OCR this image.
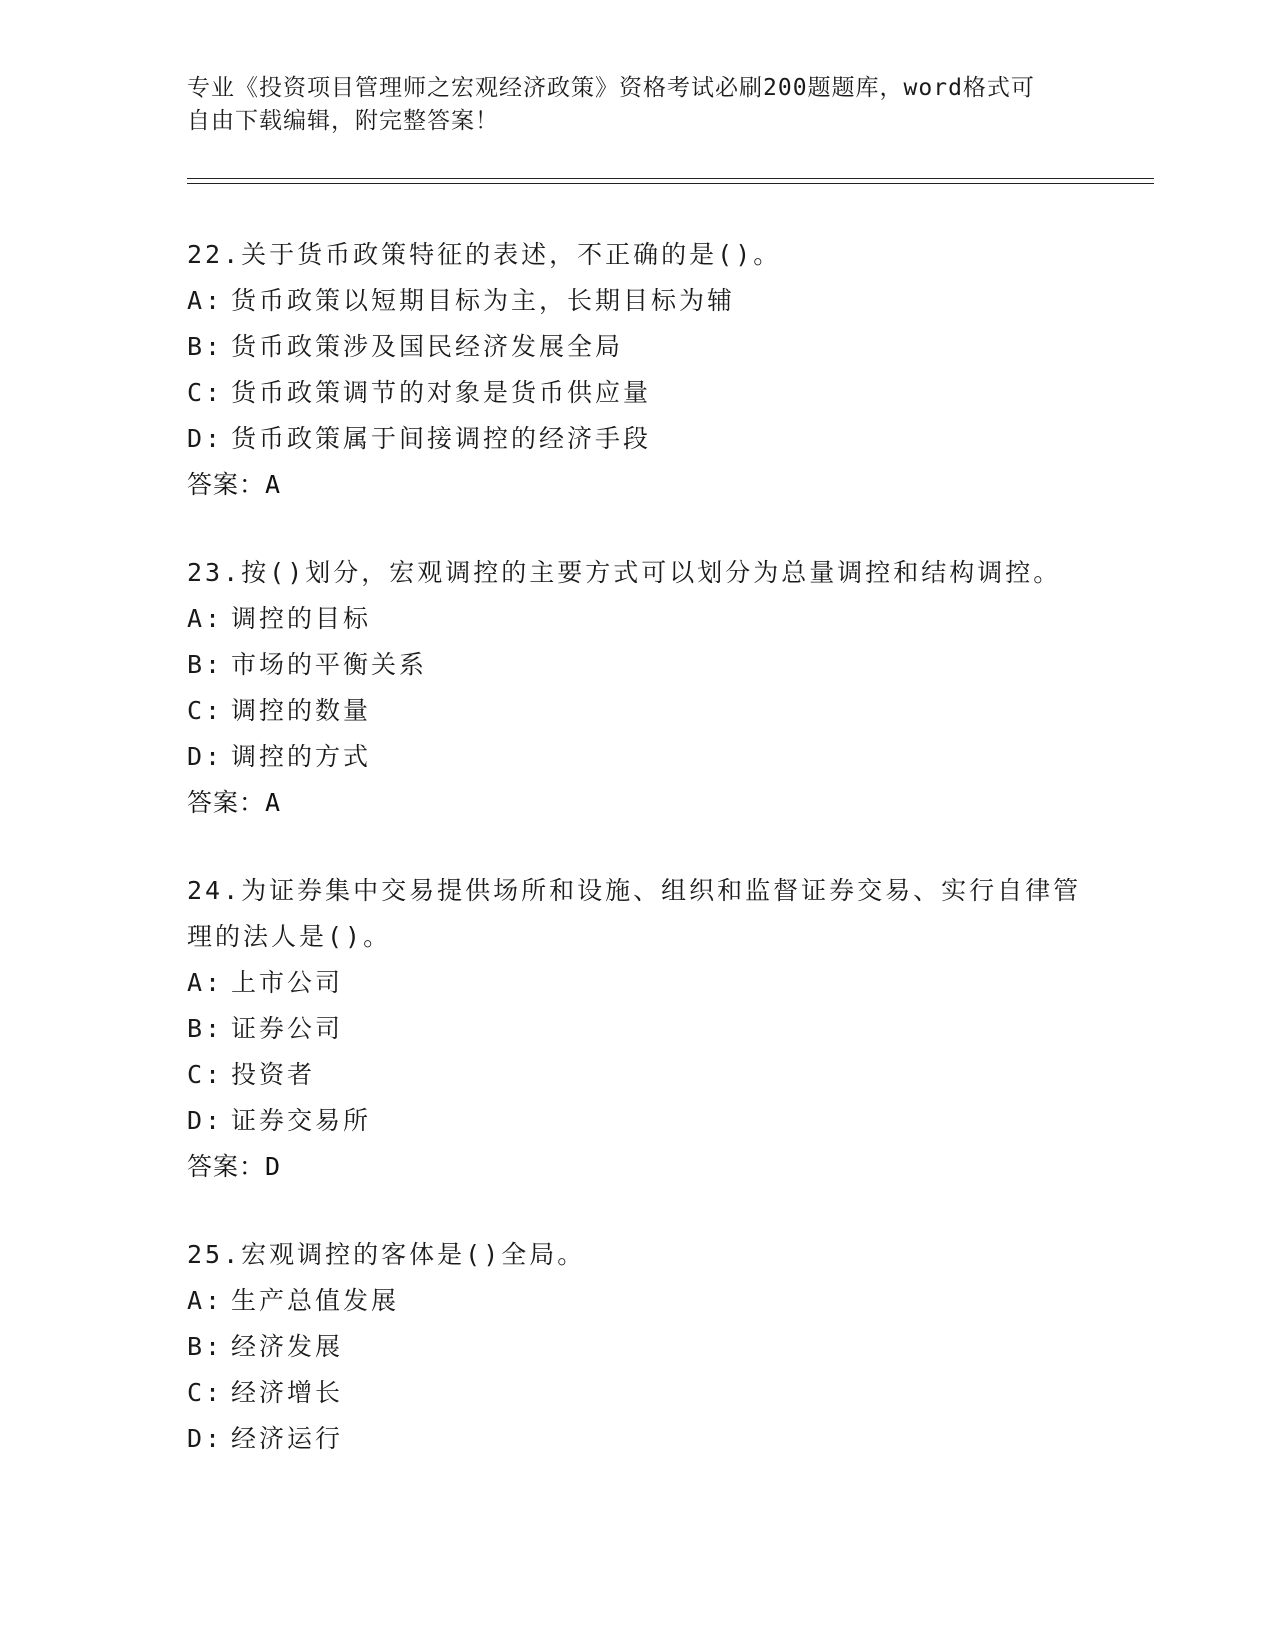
专业《投资项目管理师之宏观经济政策》资格考试必刷200题题库，word格式可
自由下载编辑，附完整答案！
22.关于货币政策特征的表述，不正确的是()。
A: 货币政策以短期目标为主，长期目标为辅
B: 货币政策涉及国民经济发展全局
C: 货币政策调节的对象是货币供应量
D: 货币政策属于间接调控的经济手段
答案：A
23.按()划分，宏观调控的主要方式可以划分为总量调控和结构调控。
A: 调控的目标
B: 市场的平衡关系
C: 调控的数量
D: 调控的方式
答案：A
24.为证券集中交易提供场所和设施、组织和监督证券交易、实行自律管理的法人是()。
A: 上市公司
B: 证券公司
C: 投资者
D: 证券交易所
答案：D
25.宏观调控的客体是()全局。
A: 生产总值发展
B: 经济发展
C: 经济增长
D: 经济运行
